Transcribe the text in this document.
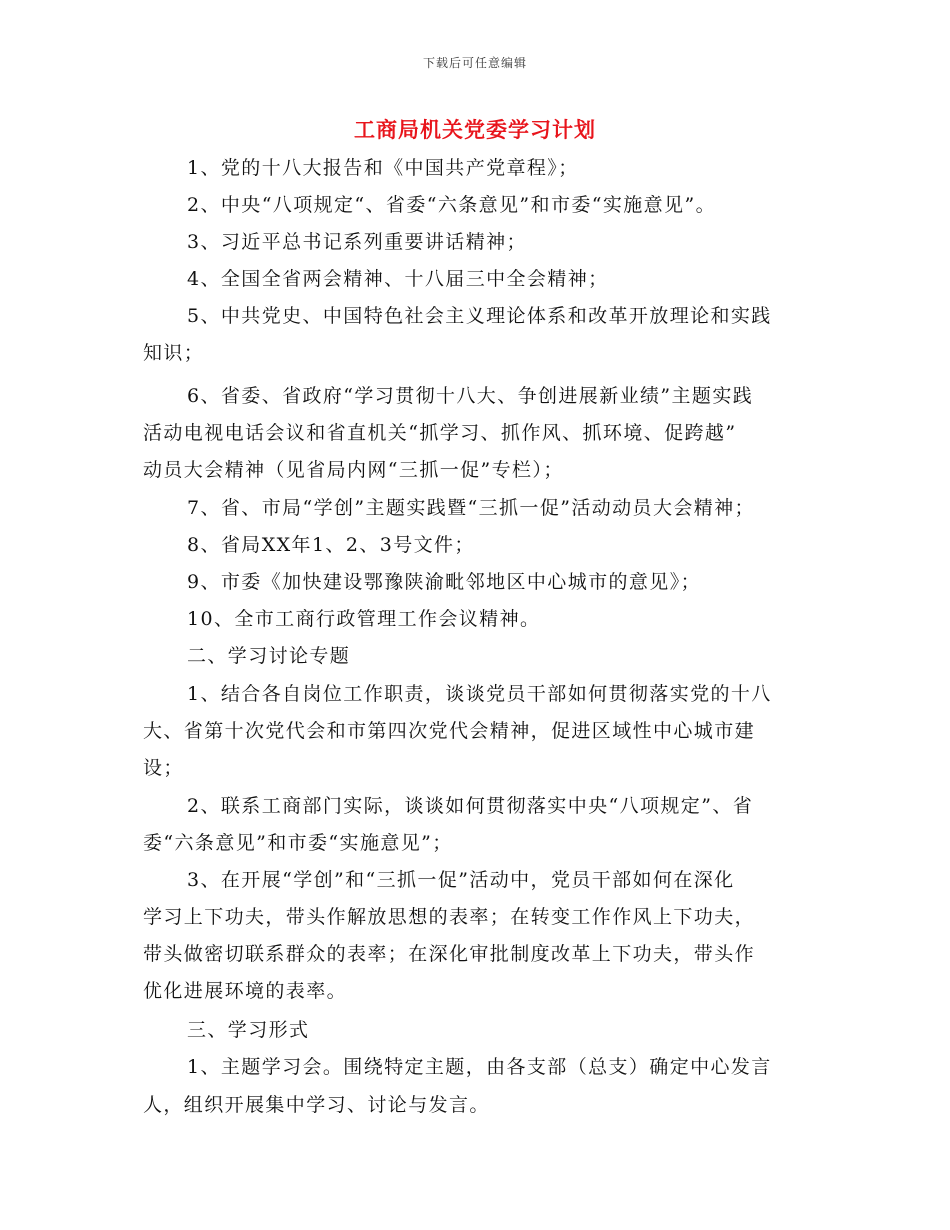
下载后可任意编辑
工商局机关党委学习计划
1、党的十八大报告和《中国共产党章程》；
2、中央“八项规定“、省委“六条意见”和市委“实施意见”。
3、习近平总书记系列重要讲话精神；
4、全国全省两会精神、十八届三中全会精神；
5、中共党史、中国特色社会主义理论体系和改革开放理论和实践
知识；
6、省委、省政府“学习贯彻十八大、争创进展新业绩”主题实践
活动电视电话会议和省直机关“抓学习、抓作风、抓环境、促跨越”
动员大会精神（见省局内网“三抓一促”专栏）；
7、省、市局“学创”主题实践暨“三抓一促”活动动员大会精神；
8、省局XX年1、2、3号文件；
9、市委《加快建设鄂豫陕渝毗邻地区中心城市的意见》；
10、全市工商行政管理工作会议精神。
二、学习讨论专题
1、结合各自岗位工作职责，谈谈党员干部如何贯彻落实党的十八
大、省第十次党代会和市第四次党代会精神，促进区域性中心城市建
设；
2、联系工商部门实际，谈谈如何贯彻落实中央“八项规定”、省
委“六条意见”和市委“实施意见”；
3、在开展“学创”和“三抓一促”活动中，党员干部如何在深化
学习上下功夫，带头作解放思想的表率；在转变工作作风上下功夫，
带头做密切联系群众的表率；在深化审批制度改革上下功夫，带头作
优化进展环境的表率。
三、学习形式
1、主题学习会。围绕特定主题，由各支部（总支）确定中心发言
人，组织开展集中学习、讨论与发言。
